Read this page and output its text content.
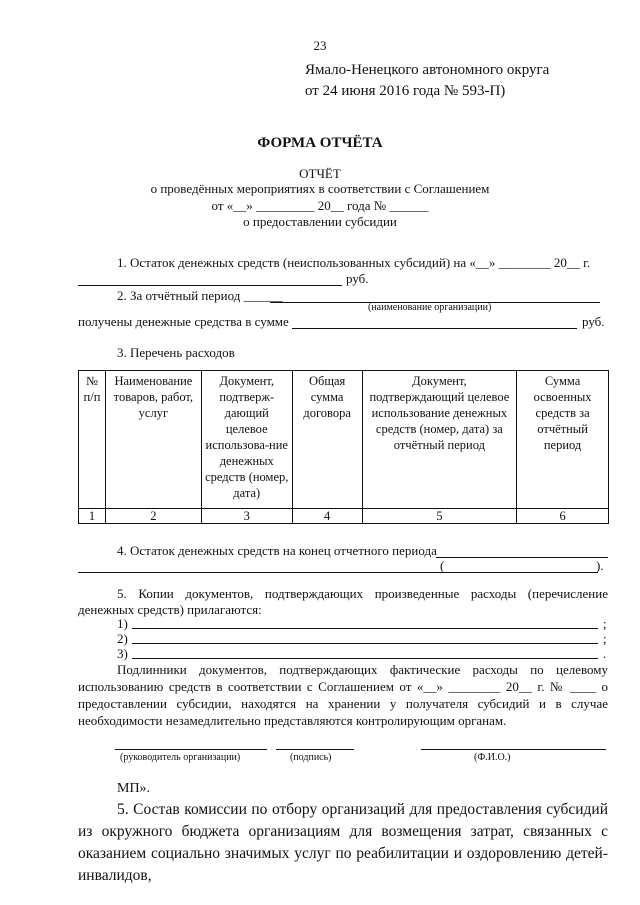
23
Ямало-Ненецкого автономного округа
от 24 июня 2016 года № 593-П)
ФОРМА ОТЧЁТА
ОТЧЁТ
о проведённых мероприятиях в соответствии с Соглашением
от «__» _________ 20__ года № ______
о предоставлении субсидии
1. Остаток денежных средств (неиспользованных субсидий) на «__» ________ 20__ г.
руб.
2. За отчётный период ______
(наименование организации)
получены денежные средства в сумме	руб.
3. Перечень расходов
№ п/п	Наименование товаров, работ, услуг	Документ, подтверж-дающий целевое использова-ние денежных средств (номер, дата)	Общая сумма договора	Документ, подтверждающий целевое использование денежных средств (номер, дата) за отчётный период	Сумма освоенных средств за отчётный период
1	2	3	4	5	6
4. Остаток денежных средств на конец отчетного периода
(	).
5. Копии документов, подтверждающих произведенные расходы (перечисление денежных средств) прилагаются:
1)	;
2)	;
3)	.
Подлинники документов, подтверждающих фактические расходы по целевому использованию средств в соответствии с Соглашением от «__» ________ 20__ г. № ____ о предоставлении субсидии, находятся на хранении у получателя субсидий и в случае необходимости незамедлительно представляются контролирующим органам.
(руководитель организации)	(подпись)	(Ф.И.О.)
МП».
5. Состав комиссии по отбору организаций для предоставления субсидий из окружного бюджета организациям для возмещения затрат, связанных с оказанием социально значимых услуг по реабилитации и оздоровлению детей-инвалидов,
